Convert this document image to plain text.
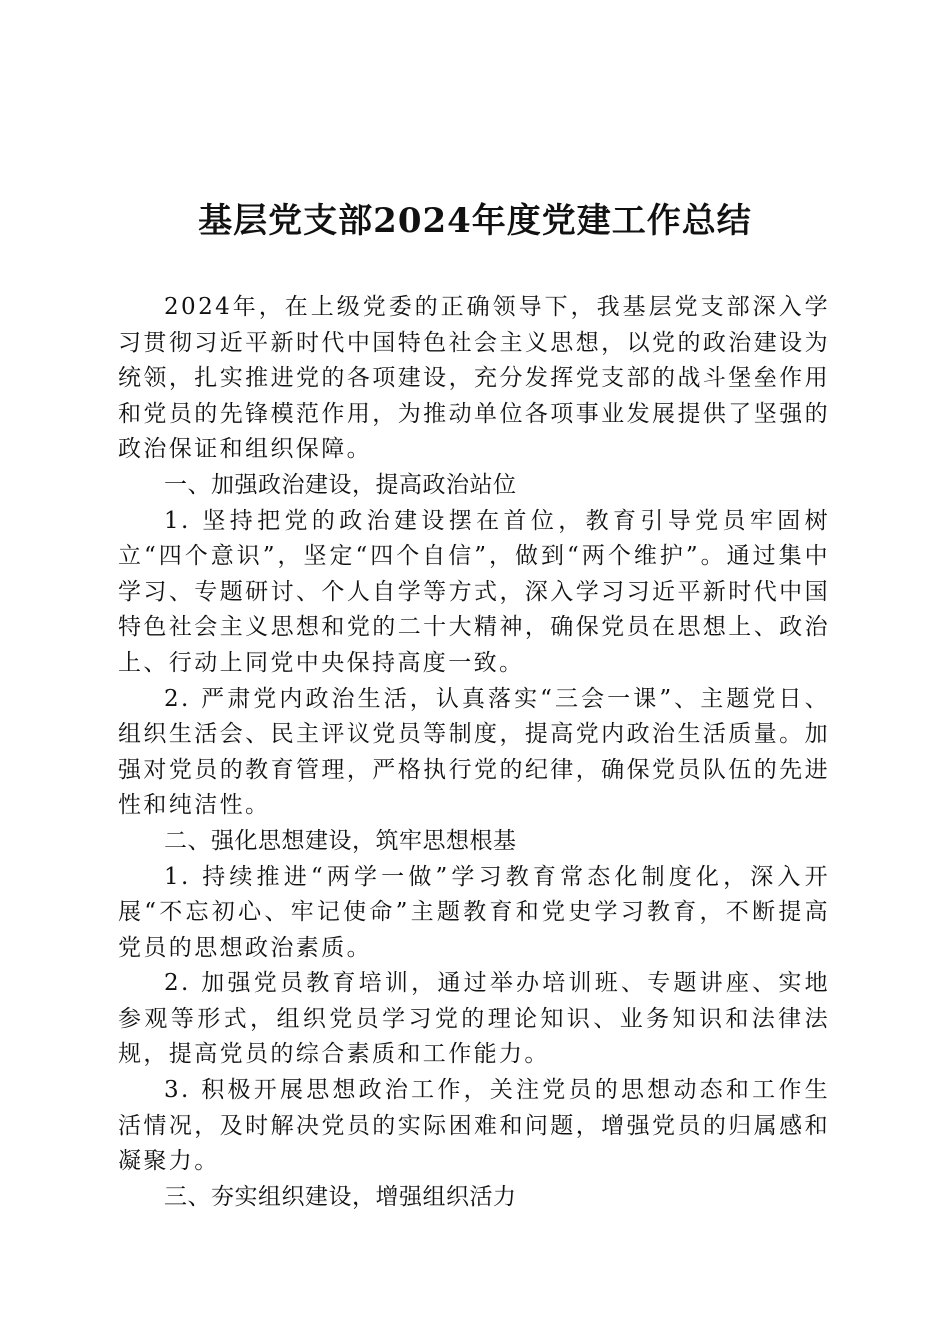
基层党支部2024年度党建工作总结

2024年，在上级党委的正确领导下，我基层党支部深入学习贯彻习近平新时代中国特色社会主义思想，以党的政治建设为统领，扎实推进党的各项建设，充分发挥党支部的战斗堡垒作用和党员的先锋模范作用，为推动单位各项事业发展提供了坚强的政治保证和组织保障。

一、加强政治建设，提高政治站位

1. 坚持把党的政治建设摆在首位，教育引导党员牢固树立“四个意识”，坚定“四个自信”，做到“两个维护”。通过集中学习、专题研讨、个人自学等方式，深入学习习近平新时代中国特色社会主义思想和党的二十大精神，确保党员在思想上、政治上、行动上同党中央保持高度一致。

2. 严肃党内政治生活，认真落实“三会一课”、主题党日、组织生活会、民主评议党员等制度，提高党内政治生活质量。加强对党员的教育管理，严格执行党的纪律，确保党员队伍的先进性和纯洁性。

二、强化思想建设，筑牢思想根基

1. 持续推进“两学一做”学习教育常态化制度化，深入开展“不忘初心、牢记使命”主题教育和党史学习教育，不断提高党员的思想政治素质。

2. 加强党员教育培训，通过举办培训班、专题讲座、实地参观等形式，组织党员学习党的理论知识、业务知识和法律法规，提高党员的综合素质和工作能力。

3. 积极开展思想政治工作，关注党员的思想动态和工作生活情况，及时解决党员的实际困难和问题，增强党员的归属感和凝聚力。

三、夯实组织建设，增强组织活力
